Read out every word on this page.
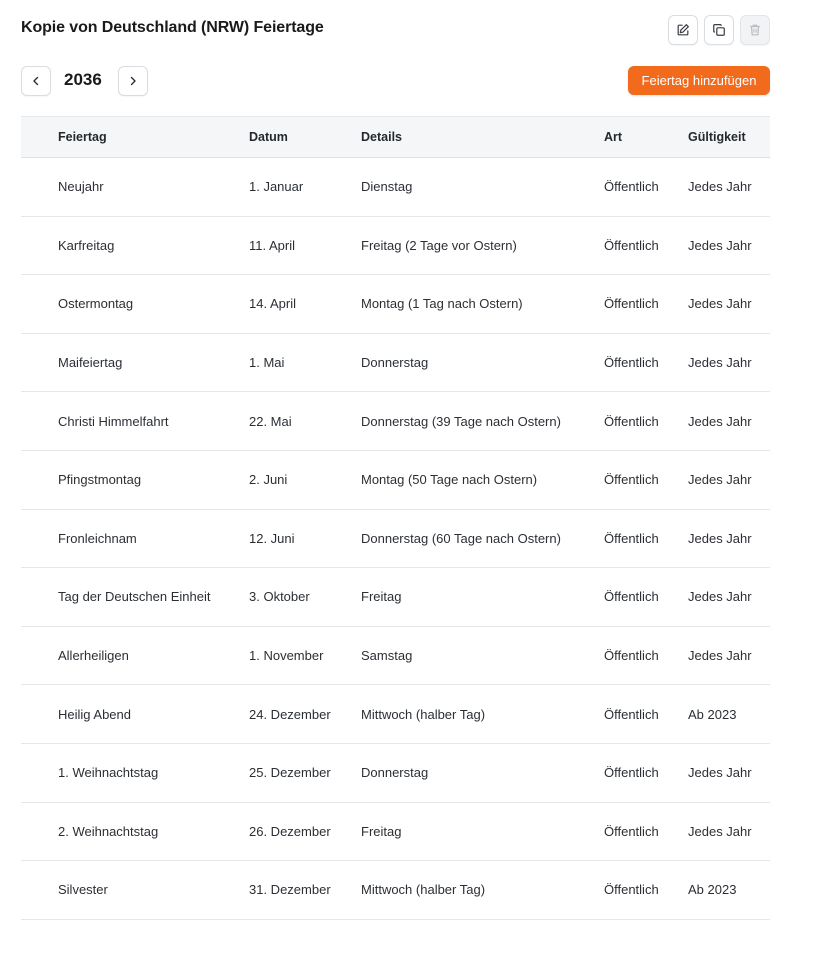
Kopie von Deutschland (NRW) Feiertage
2036	Feiertag hinzufügen
Feiertag	Datum	Details	Art	Gültigkeit
Neujahr	1. Januar	Dienstag	Öffentlich	Jedes Jahr
Karfreitag	11. April	Freitag (2 Tage vor Ostern)	Öffentlich	Jedes Jahr
Ostermontag	14. April	Montag (1 Tag nach Ostern)	Öffentlich	Jedes Jahr
Maifeiertag	1. Mai	Donnerstag	Öffentlich	Jedes Jahr
Christi Himmelfahrt	22. Mai	Donnerstag (39 Tage nach Ostern)	Öffentlich	Jedes Jahr
Pfingstmontag	2. Juni	Montag (50 Tage nach Ostern)	Öffentlich	Jedes Jahr
Fronleichnam	12. Juni	Donnerstag (60 Tage nach Ostern)	Öffentlich	Jedes Jahr
Tag der Deutschen Einheit	3. Oktober	Freitag	Öffentlich	Jedes Jahr
Allerheiligen	1. November	Samstag	Öffentlich	Jedes Jahr
Heilig Abend	24. Dezember	Mittwoch (halber Tag)	Öffentlich	Ab 2023
1. Weihnachtstag	25. Dezember	Donnerstag	Öffentlich	Jedes Jahr
2. Weihnachtstag	26. Dezember	Freitag	Öffentlich	Jedes Jahr
Silvester	31. Dezember	Mittwoch (halber Tag)	Öffentlich	Ab 2023
